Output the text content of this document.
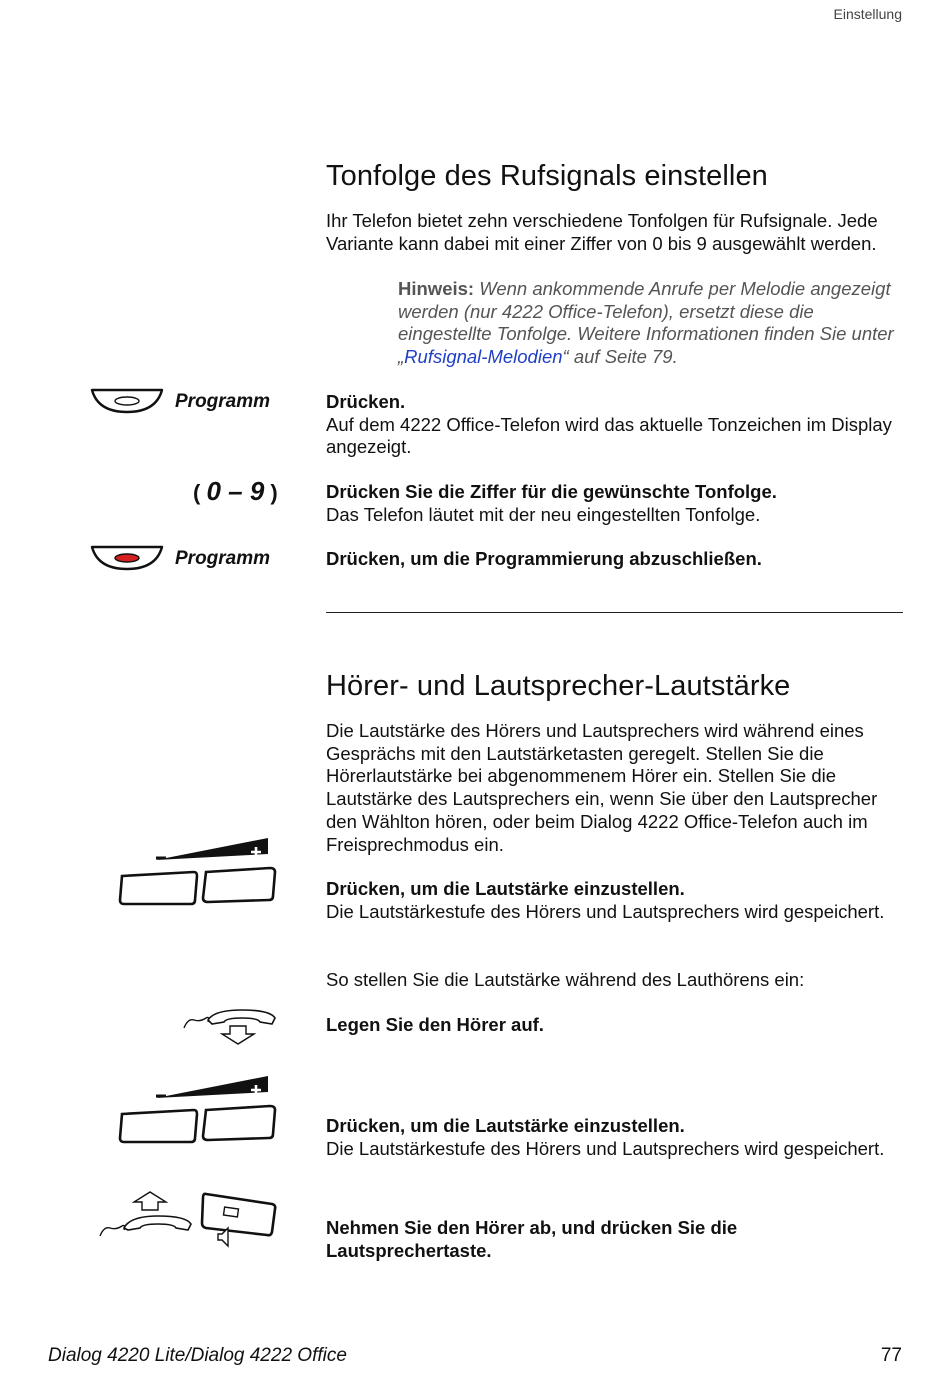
Einstellung
Tonfolge des Rufsignals einstellen
Ihr Telefon bietet zehn verschiedene Tonfolgen für Rufsignale. Jede Variante kann dabei mit einer Ziffer von 0 bis 9 ausgewählt werden.
Hinweis: Wenn ankommende Anrufe per Melodie angezeigt werden (nur 4222 Office-Telefon), ersetzt diese die eingestellte Tonfolge. Weitere Informationen finden Sie unter „Rufsignal-Melodien“ auf Seite 79.
Programm	Drücken.
Auf dem 4222 Office-Telefon wird das aktuelle Tonzeichen im Display angezeigt.
( 0 – 9 )	Drücken Sie die Ziffer für die gewünschte Tonfolge.
Das Telefon läutet mit der neu eingestellten Tonfolge.
Programm	Drücken, um die Programmierung abzuschließen.
Hörer- und Lautsprecher-Lautstärke
Die Lautstärke des Hörers und Lautsprechers wird während eines Gesprächs mit den Lautstärketasten geregelt. Stellen Sie die Hörerlautstärke bei abgenommenem Hörer ein. Stellen Sie die Lautstärke des Lautsprechers ein, wenn Sie über den Lautsprecher den Wählton hören, oder beim Dialog 4222 Office-Telefon auch im Freisprechmodus ein.
Drücken, um die Lautstärke einzustellen.
Die Lautstärkestufe des Hörers und Lautsprechers wird gespeichert.
So stellen Sie die Lautstärke während des Lauthörens ein:
Legen Sie den Hörer auf.
Drücken, um die Lautstärke einzustellen.
Die Lautstärkestufe des Hörers und Lautsprechers wird gespeichert.
Nehmen Sie den Hörer ab, und drücken Sie die Lautsprechertaste.
Dialog 4220 Lite/Dialog 4222 Office	77
